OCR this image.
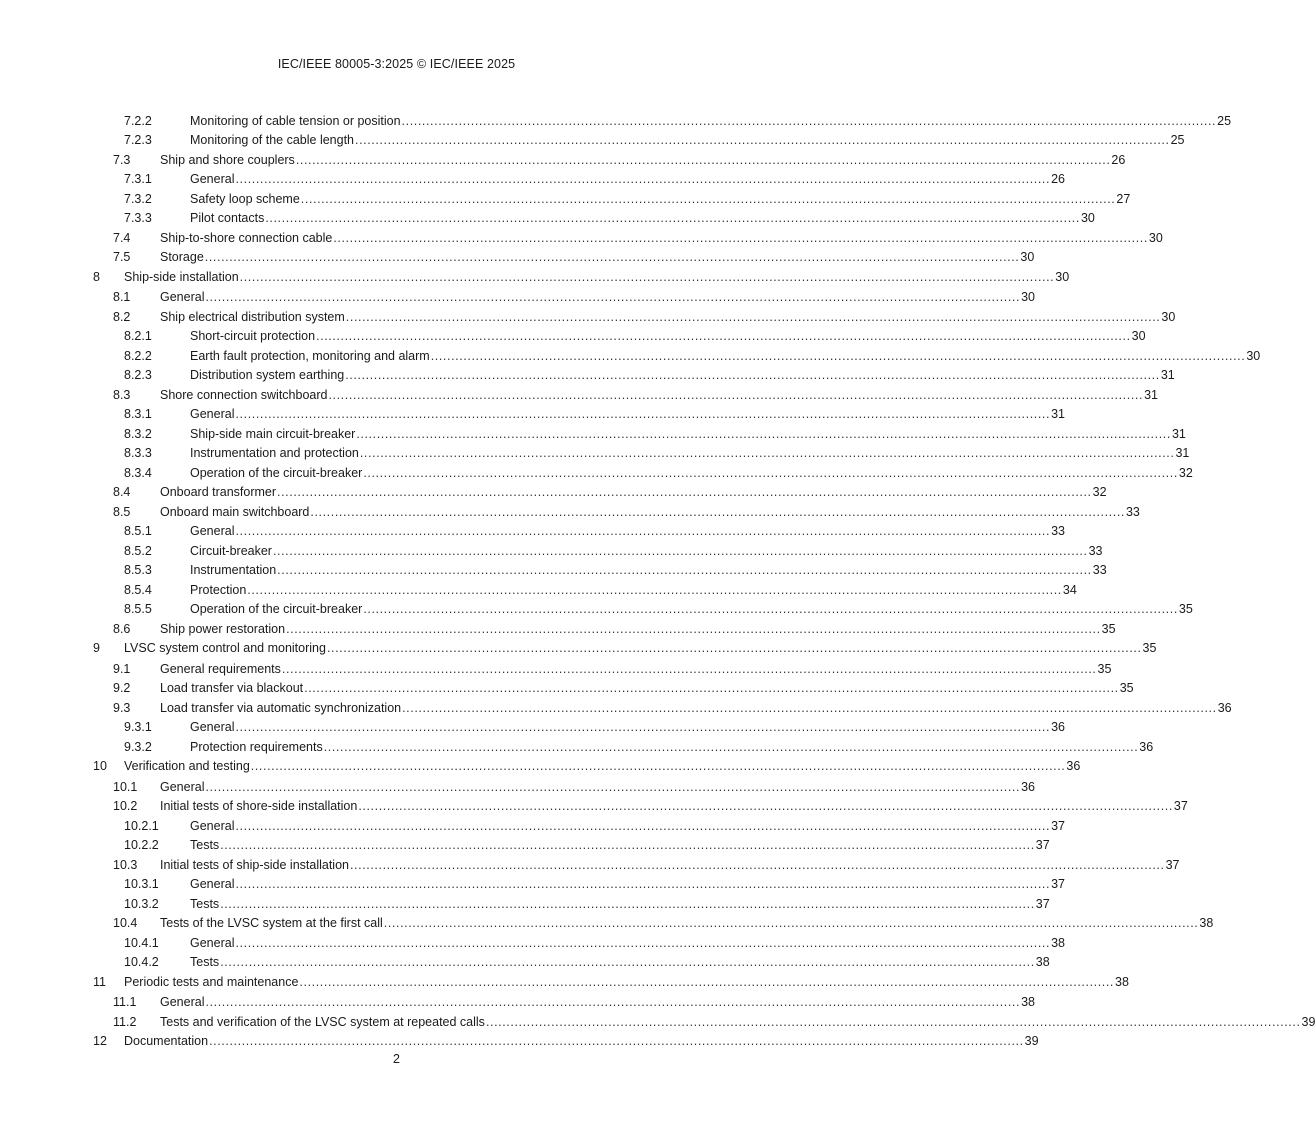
IEC/IEEE 80005-3:2025 © IEC/IEEE 2025
7.2.2	Monitoring of cable tension or position ........................................................................................................................................................................................................ 25
7.2.3	Monitoring of the cable length ........................................................................................................................................................................................................ 25
7.3 Ship and shore couplers ........................................................................................................................................................................................................ 26
7.3.1	General ........................................................................................................................................................................................................ 26
7.3.2	Safety loop scheme ........................................................................................................................................................................................................ 27
7.3.3	Pilot contacts ........................................................................................................................................................................................................ 30
7.4 Ship-to-shore connection cable ........................................................................................................................................................................................................ 30
7.5 Storage ........................................................................................................................................................................................................ 30
8 Ship-side installation ........................................................................................................................................................................................................ 30
8.1 General ........................................................................................................................................................................................................ 30
8.2 Ship electrical distribution system ........................................................................................................................................................................................................ 30
8.2.1	Short-circuit protection ........................................................................................................................................................................................................ 30
8.2.2	Earth fault protection, monitoring and alarm ........................................................................................................................................................................................................ 30
8.2.3	Distribution system earthing ........................................................................................................................................................................................................ 31
8.3 Shore connection switchboard ........................................................................................................................................................................................................ 31
8.3.1	General ........................................................................................................................................................................................................ 31
8.3.2	Ship-side main circuit-breaker ........................................................................................................................................................................................................ 31
8.3.3	Instrumentation and protection ........................................................................................................................................................................................................ 31
8.3.4	Operation of the circuit-breaker ........................................................................................................................................................................................................ 32
8.4 Onboard transformer ........................................................................................................................................................................................................ 32
8.5 Onboard main switchboard ........................................................................................................................................................................................................ 33
8.5.1	General ........................................................................................................................................................................................................ 33
8.5.2	Circuit-breaker ........................................................................................................................................................................................................ 33
8.5.3	Instrumentation ........................................................................................................................................................................................................ 33
8.5.4	Protection ........................................................................................................................................................................................................ 34
8.5.5	Operation of the circuit-breaker ........................................................................................................................................................................................................ 35
8.6 Ship power restoration ........................................................................................................................................................................................................ 35
9 LVSC system control and monitoring ........................................................................................................................................................................................................ 35
9.1 General requirements ........................................................................................................................................................................................................ 35
9.2 Load transfer via blackout ........................................................................................................................................................................................................ 35
9.3 Load transfer via automatic synchronization ........................................................................................................................................................................................................ 36
9.3.1	General ........................................................................................................................................................................................................ 36
9.3.2	Protection requirements ........................................................................................................................................................................................................ 36
10 Verification and testing ........................................................................................................................................................................................................ 36
10.1 General ........................................................................................................................................................................................................ 36
10.2 Initial tests of shore-side installation ........................................................................................................................................................................................................ 37
10.2.1 General ........................................................................................................................................................................................................ 37
10.2.2 Tests ........................................................................................................................................................................................................ 37
10.3 Initial tests of ship-side installation ........................................................................................................................................................................................................ 37
10.3.1 General ........................................................................................................................................................................................................ 37
10.3.2 Tests ........................................................................................................................................................................................................ 37
10.4 Tests of the LVSC system at the first call ........................................................................................................................................................................................................ 38
10.4.1 General ........................................................................................................................................................................................................ 38
10.4.2 Tests ........................................................................................................................................................................................................ 38
11 Periodic tests and maintenance ........................................................................................................................................................................................................ 38
11.1 General ........................................................................................................................................................................................................ 38
11.2 Tests and verification of the LVSC system at repeated calls ........................................................................................................................................................................................................ 39
12 Documentation ........................................................................................................................................................................................................ 39
2
